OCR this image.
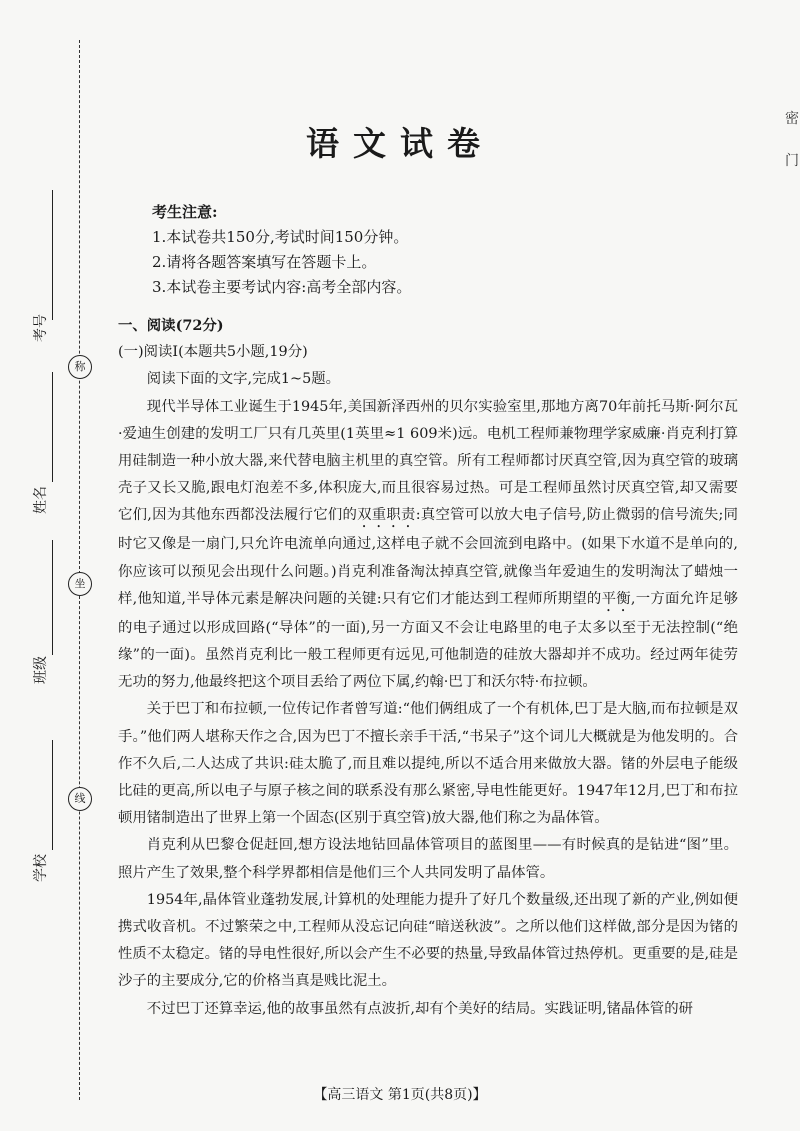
考号
称
姓名
坐
班级
线
学校
密
门
语文试卷
考生注意:
1.本试卷共150分,考试时间150分钟。
2.请将各题答案填写在答题卡上。
3.本试卷主要考试内容:高考全部内容。

一、阅读(72分)

(一)阅读Ⅰ(本题共5小题,19分)

阅读下面的文字,完成1~5题。

现代半导体工业诞生于1945年,美国新泽西州的贝尔实验室里,那地方离70年前托马斯·阿尔瓦·爱迪生创建的发明工厂只有几英里(1英里≈1 609米)远。电机工程师兼物理学家威廉·肖克利打算用硅制造一种小放大器,来代替电脑主机里的真空管。所有工程师都讨厌真空管,因为真空管的玻璃壳子又长又脆,跟电灯泡差不多,体积庞大,而且很容易过热。可是工程师虽然讨厌真空管,却又需要它们,因为其他东西都没法履行它们的双重职责:真空管可以放大电子信号,防止微弱的信号流失;同时它又像是一扇门,只允许电流单向通过,这样电子就不会回流到电路中。(如果下水道不是单向的,你应该可以预见会出现什么问题。)肖克利准备淘汰掉真空管,就像当年爱迪生的发明淘汰了蜡烛一样,他知道,半导体元素是解决问题的关键:只有它们才能达到工程师所期望的平衡,一方面允许足够的电子通过以形成回路(“导体”的一面),另一方面又不会让电路里的电子太多以至于无法控制(“绝缘”的一面)。虽然肖克利比一般工程师更有远见,可他制造的硅放大器却并不成功。经过两年徒劳无功的努力,他最终把这个项目丢给了两位下属,约翰·巴丁和沃尔特·布拉顿。

关于巴丁和布拉顿,一位传记作者曾写道:“他们俩组成了一个有机体,巴丁是大脑,而布拉顿是双手。”他们两人堪称天作之合,因为巴丁不擅长亲手干活,“书呆子”这个词儿大概就是为他发明的。合作不久后,二人达成了共识:硅太脆了,而且难以提纯,所以不适合用来做放大器。锗的外层电子能级比硅的更高,所以电子与原子核之间的联系没有那么紧密,导电性能更好。1947年12月,巴丁和布拉顿用锗制造出了世界上第一个固态(区别于真空管)放大器,他们称之为晶体管。

肖克利从巴黎仓促赶回,想方设法地钻回晶体管项目的蓝图里——有时候真的是钻进“图”里。照片产生了效果,整个科学界都相信是他们三个人共同发明了晶体管。

1954年,晶体管业蓬勃发展,计算机的处理能力提升了好几个数量级,还出现了新的产业,例如便携式收音机。不过繁荣之中,工程师从没忘记向硅“暗送秋波”。之所以他们这样做,部分是因为锗的性质不太稳定。锗的导电性很好,所以会产生不必要的热量,导致晶体管过热停机。更重要的是,硅是沙子的主要成分,它的价格当真是贱比泥土。

不过巴丁还算幸运,他的故事虽然有点波折,却有个美好的结局。实践证明,锗晶体管的研

【高三语文 第1页(共8页)】
